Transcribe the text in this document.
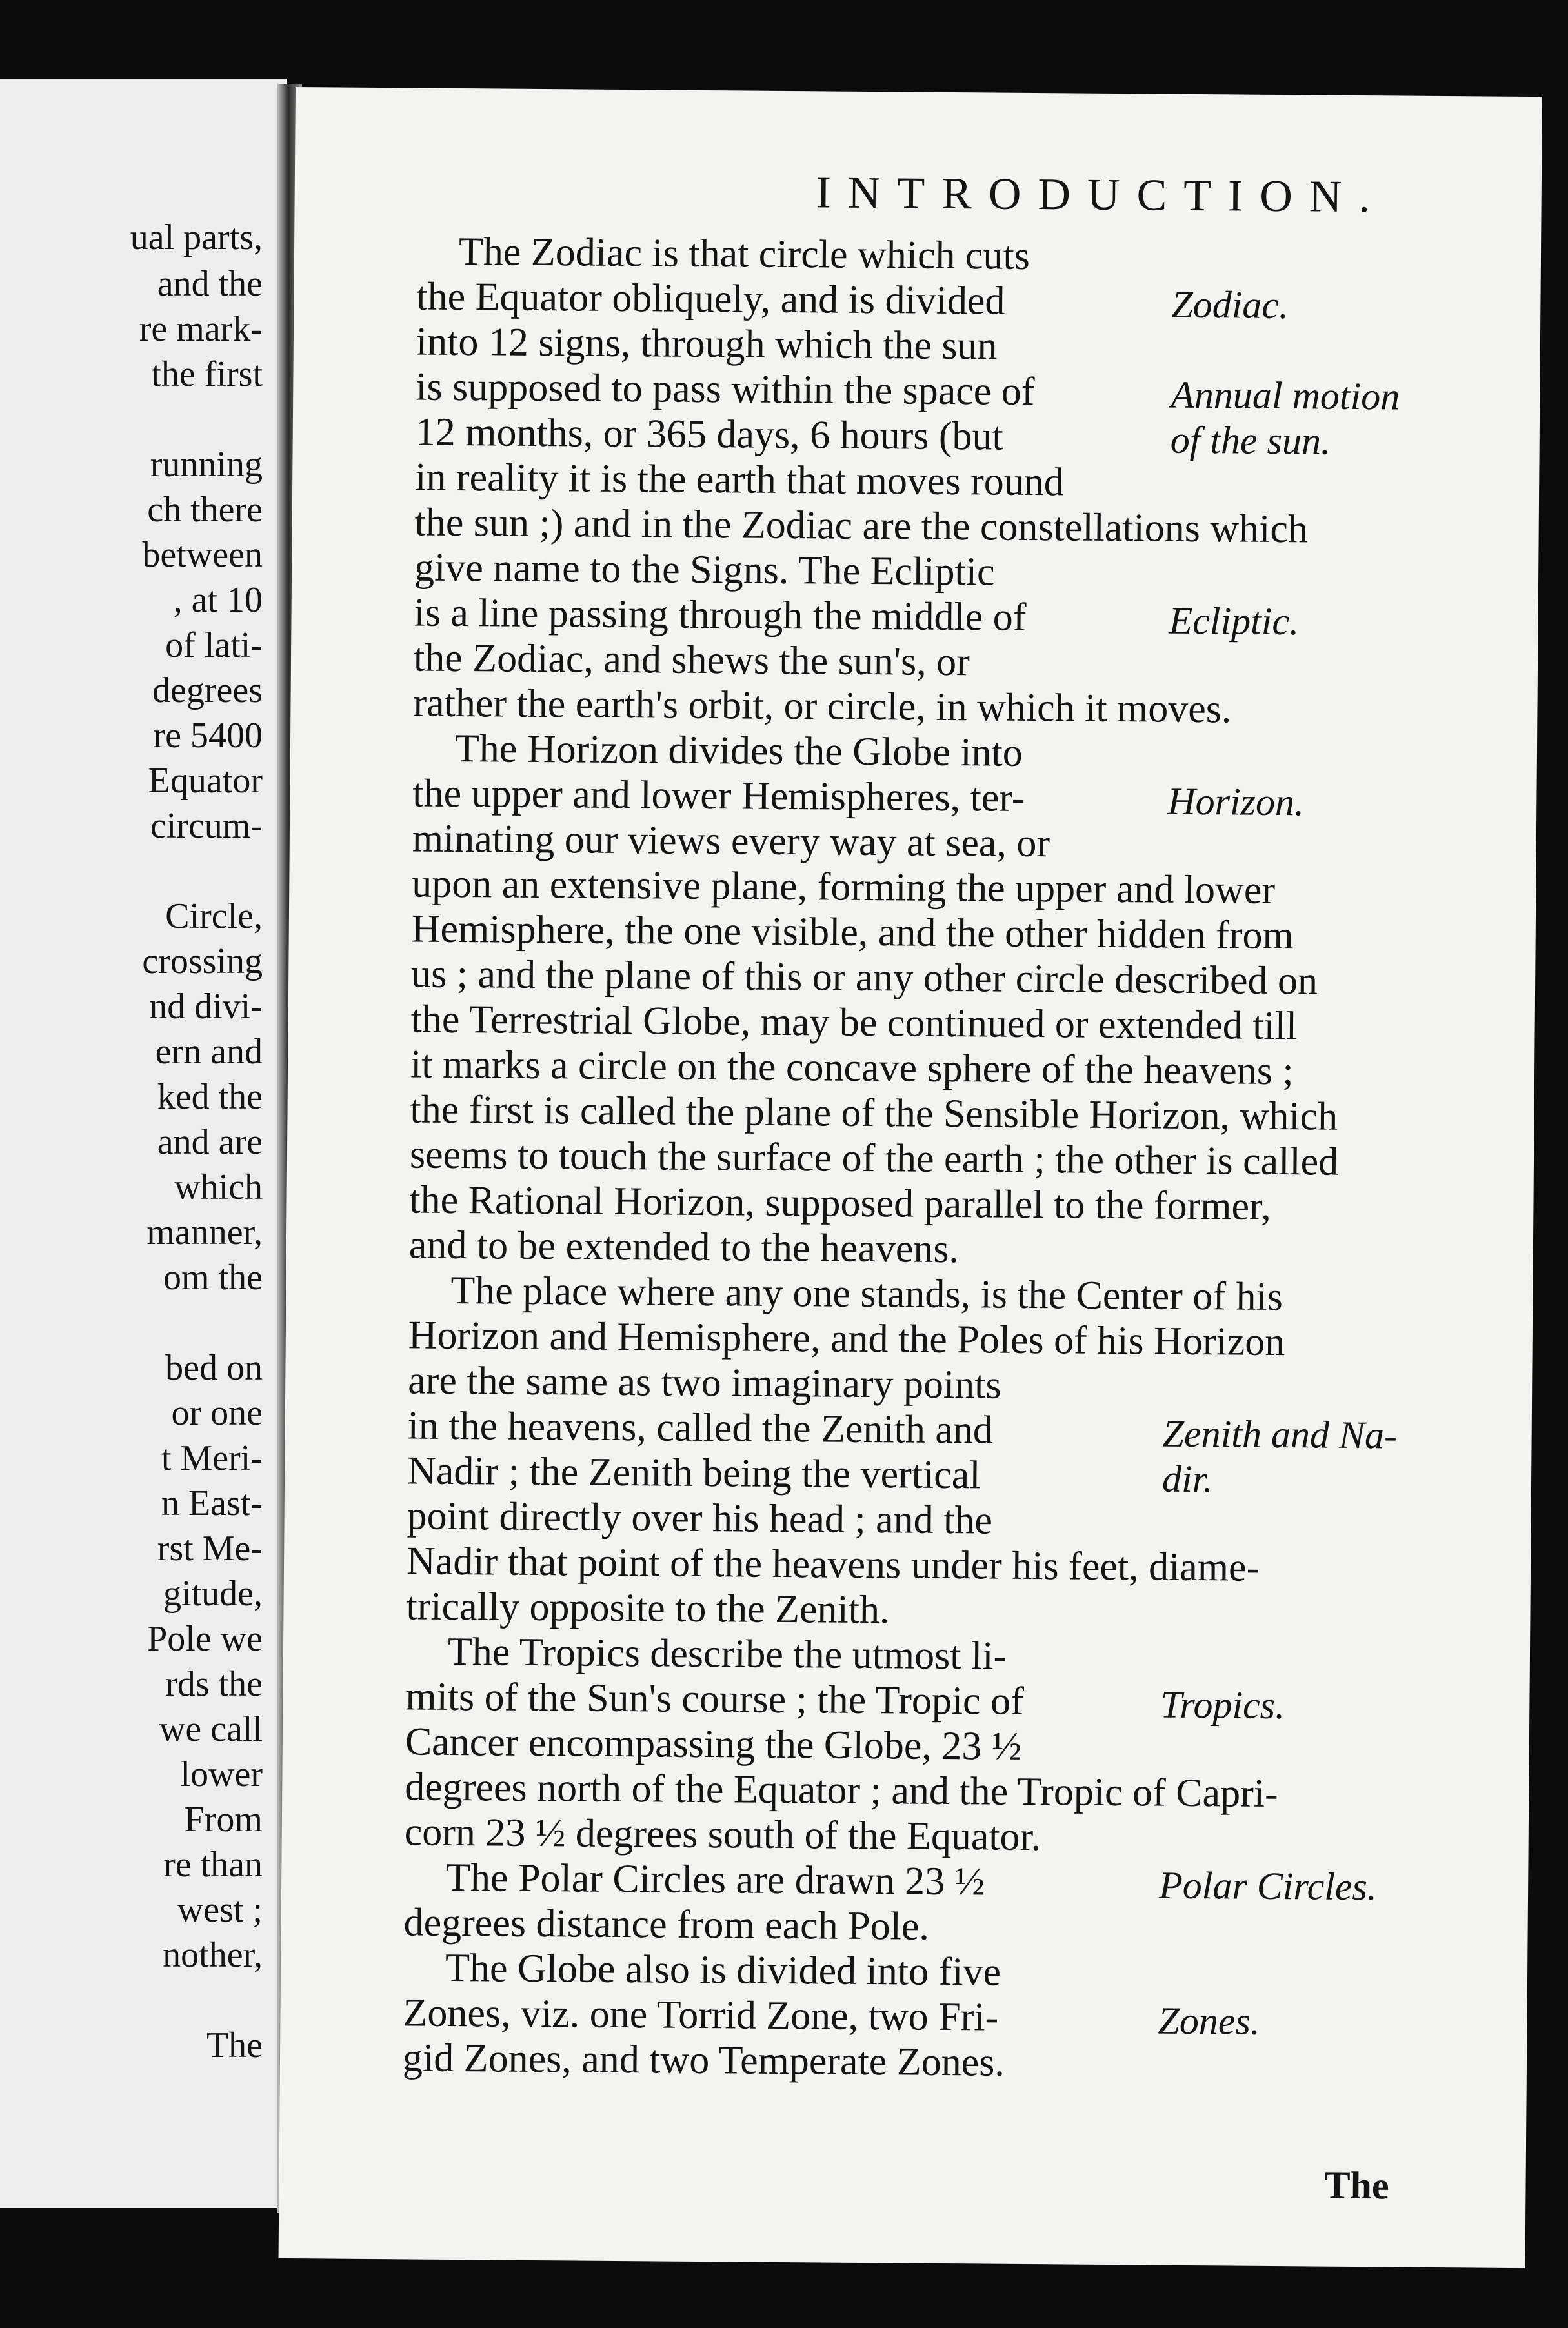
ual parts,
and the
re mark-
the first
running
ch there
between
, at 10
of lati-
degrees
re 5400
Equator
circum-
Circle,
crossing
nd divi-
ern and
ked the
and are
which
manner,
om the
bed on
or one
t Meri-
n East-
rst Me-
gitude,
Pole we
rds the
we call
lower
From
re than
west ;
nother,
The
INTRODUCTION.
The Zodiac is that circle which cuts
the Equator obliquely, and is divided
into 12 signs, through which the sun
is supposed to pass within the space of
12 months, or 365 days, 6 hours (but
in reality it is the earth that moves round
the sun ;) and in the Zodiac are the constellations which
give name to the Signs. The Ecliptic
is a line passing through the middle of
the Zodiac, and shews the sun's, or
rather the earth's orbit, or circle, in which it moves.
The Horizon divides the Globe into
the upper and lower Hemispheres, ter-
minating our views every way at sea, or
upon an extensive plane, forming the upper and lower
Hemisphere, the one visible, and the other hidden from
us ; and the plane of this or any other circle described on
the Terrestrial Globe, may be continued or extended till
it marks a circle on the concave sphere of the heavens ;
the first is called the plane of the Sensible Horizon, which
seems to touch the surface of the earth ; the other is called
the Rational Horizon, supposed parallel to the former,
and to be extended to the heavens.
The place where any one stands, is the Center of his
Horizon and Hemisphere, and the Poles of his Horizon
are the same as two imaginary points
in the heavens, called the Zenith and
Nadir ; the Zenith being the vertical
point directly over his head ; and the
Nadir that point of the heavens under his feet, diame-
trically opposite to the Zenith.
The Tropics describe the utmost li-
mits of the Sun's course ; the Tropic of
Cancer encompassing the Globe, 23 ½
degrees north of the Equator ; and the Tropic of Capri-
corn 23 ½ degrees south of the Equator.
The Polar Circles are drawn 23 ½
degrees distance from each Pole.
The Globe also is divided into five
Zones, viz. one Torrid Zone, two Fri-
gid Zones, and two Temperate Zones.
Zodiac.
Annual motion
of the sun.
Ecliptic.
Horizon.
Zenith and Na-
dir.
Tropics.
Polar Circles.
Zones.
The
